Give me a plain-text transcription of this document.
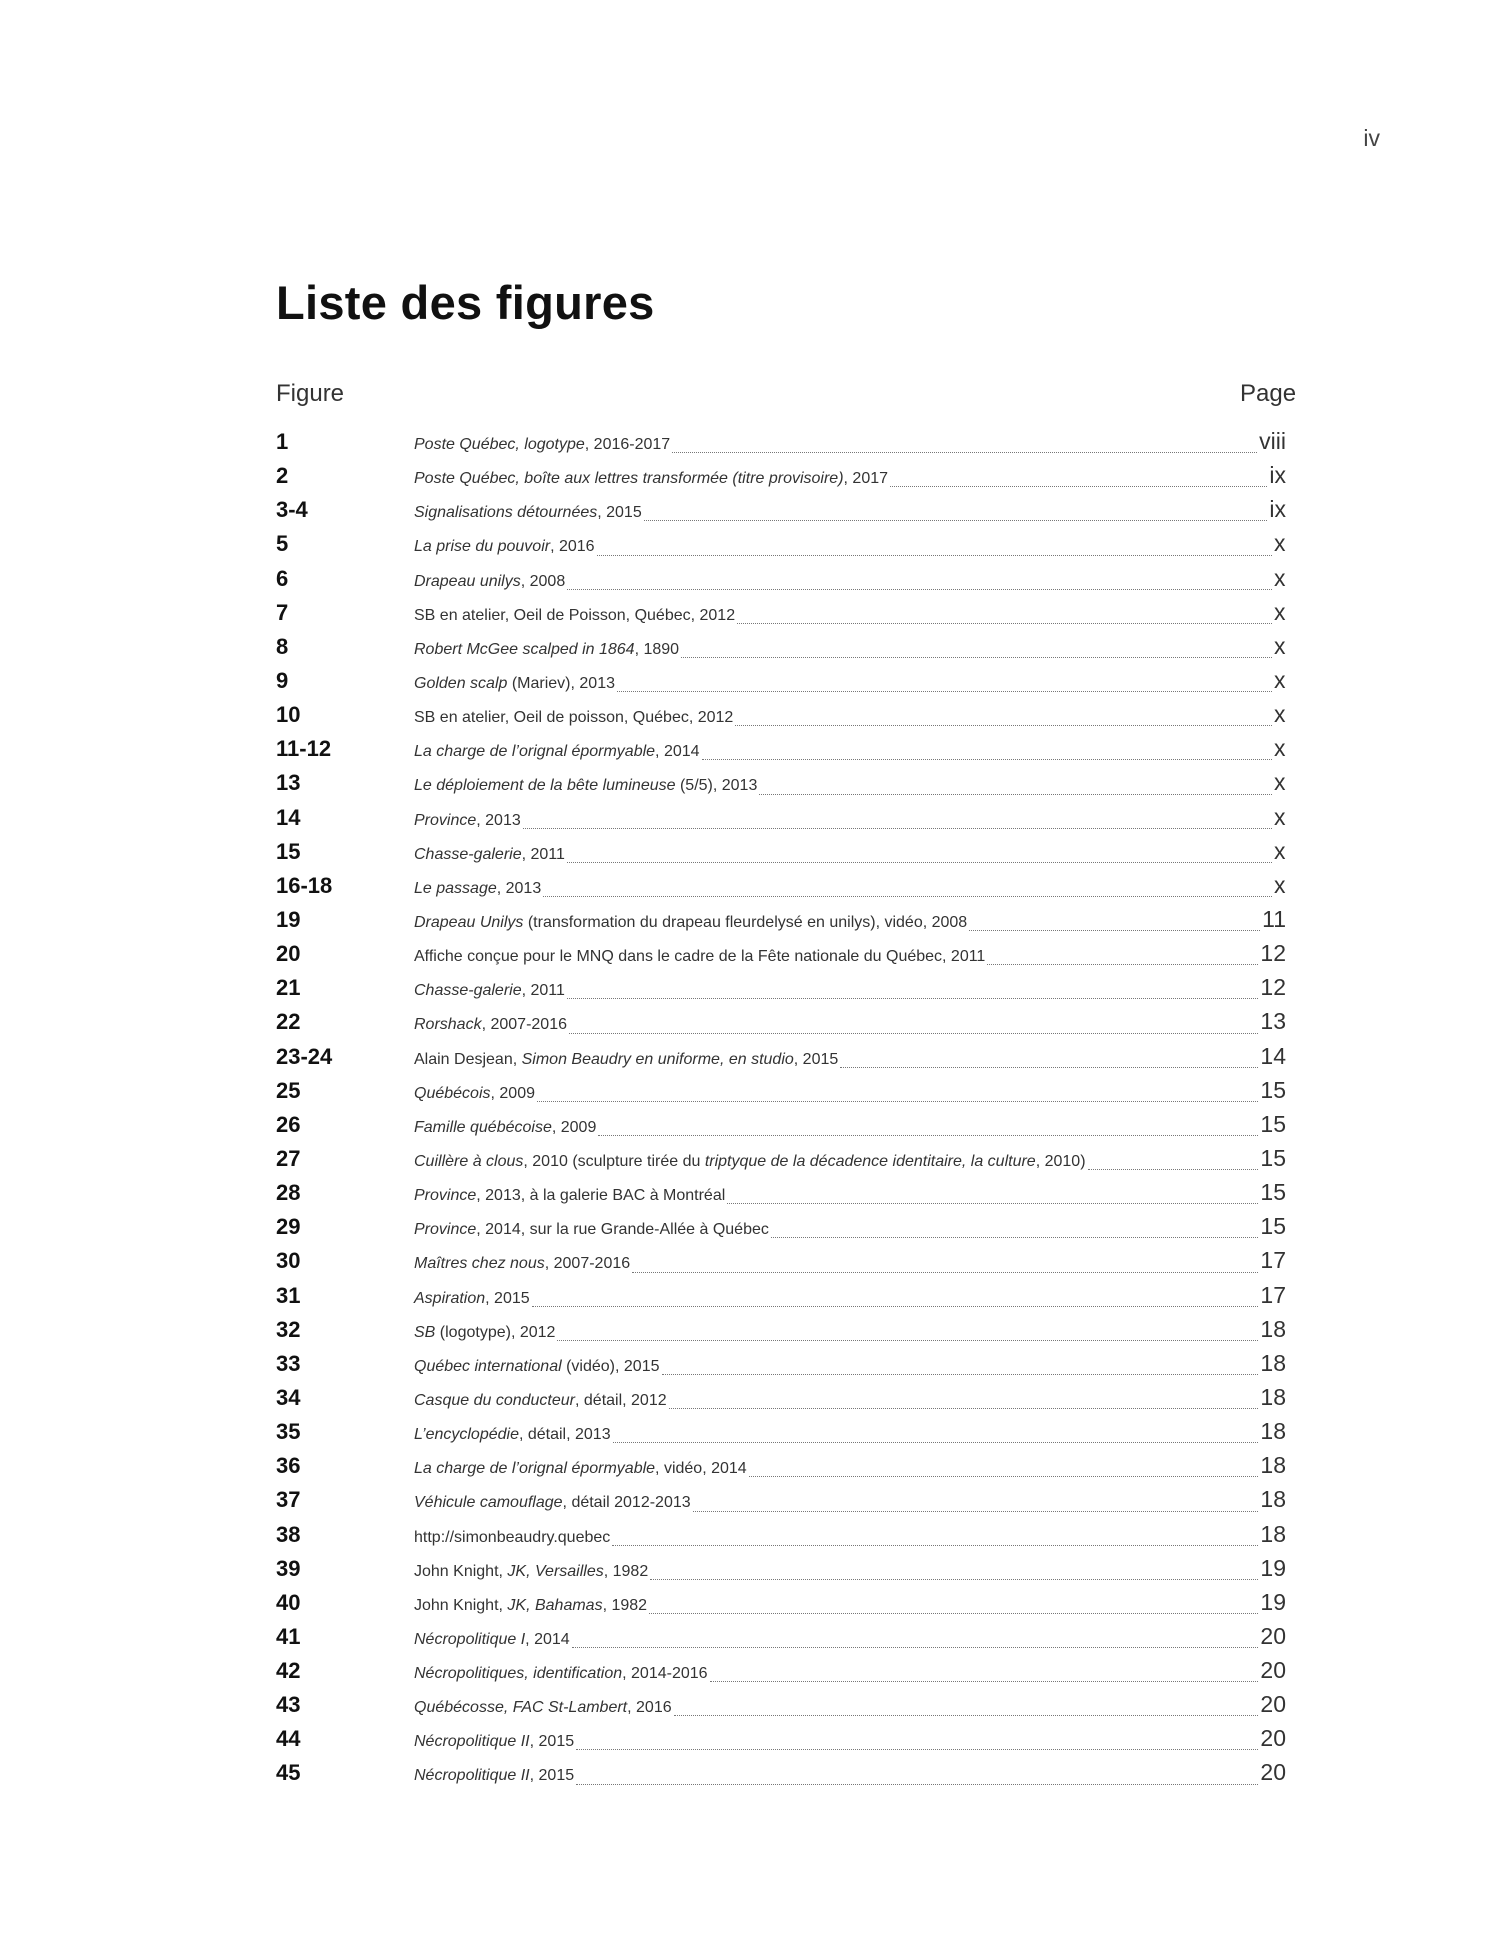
iv
Liste des figures
Figure	Page
1	Poste Québec, logotype, 2016-2017	viii
2	Poste Québec, boîte aux lettres transformée (titre provisoire), 2017	ix
3-4	Signalisations détournées, 2015	ix
5	La prise du pouvoir, 2016	x
6	Drapeau unilys, 2008	x
7	SB en atelier, Oeil de Poisson, Québec, 2012	x
8	Robert McGee scalped in 1864, 1890	x
9	Golden scalp (Mariev), 2013	x
10	SB en atelier, Oeil de poisson, Québec, 2012	x
11-12	La charge de l’orignal épormyable, 2014	x
13	Le déploiement de la bête lumineuse (5/5), 2013	x
14	Province, 2013	x
15	Chasse-galerie, 2011	x
16-18	Le passage, 2013	x
19	Drapeau Unilys (transformation du drapeau fleurdelysé en unilys), vidéo, 2008	11
20	Affiche conçue pour le MNQ dans le cadre de la Fête nationale du Québec, 2011	12
21	Chasse-galerie, 2011	12
22	Rorshack, 2007-2016	13
23-24	Alain Desjean, Simon Beaudry en uniforme, en studio, 2015	14
25	Québécois, 2009	15
26	Famille québécoise, 2009	15
27	Cuillère à clous, 2010 (sculpture tirée du triptyque de la décadence identitaire, la culture, 2010)	15
28	Province, 2013, à la galerie BAC à Montréal	15
29	Province, 2014, sur la rue Grande-Allée à Québec	15
30	Maîtres chez nous, 2007-2016	17
31	Aspiration, 2015	17
32	SB (logotype), 2012	18
33	Québec international (vidéo), 2015	18
34	Casque du conducteur, détail, 2012	18
35	L’encyclopédie, détail, 2013	18
36	La charge de l’orignal épormyable, vidéo, 2014	18
37	Véhicule camouflage, détail 2012-2013	18
38	http://simonbeaudry.quebec	18
39	John Knight, JK, Versailles, 1982	19
40	John Knight, JK, Bahamas, 1982	19
41	Nécropolitique I, 2014	20
42	Nécropolitiques, identification, 2014-2016	20
43	Québécosse, FAC St-Lambert, 2016	20
44	Nécropolitique II, 2015	20
45	Nécropolitique II, 2015	20
